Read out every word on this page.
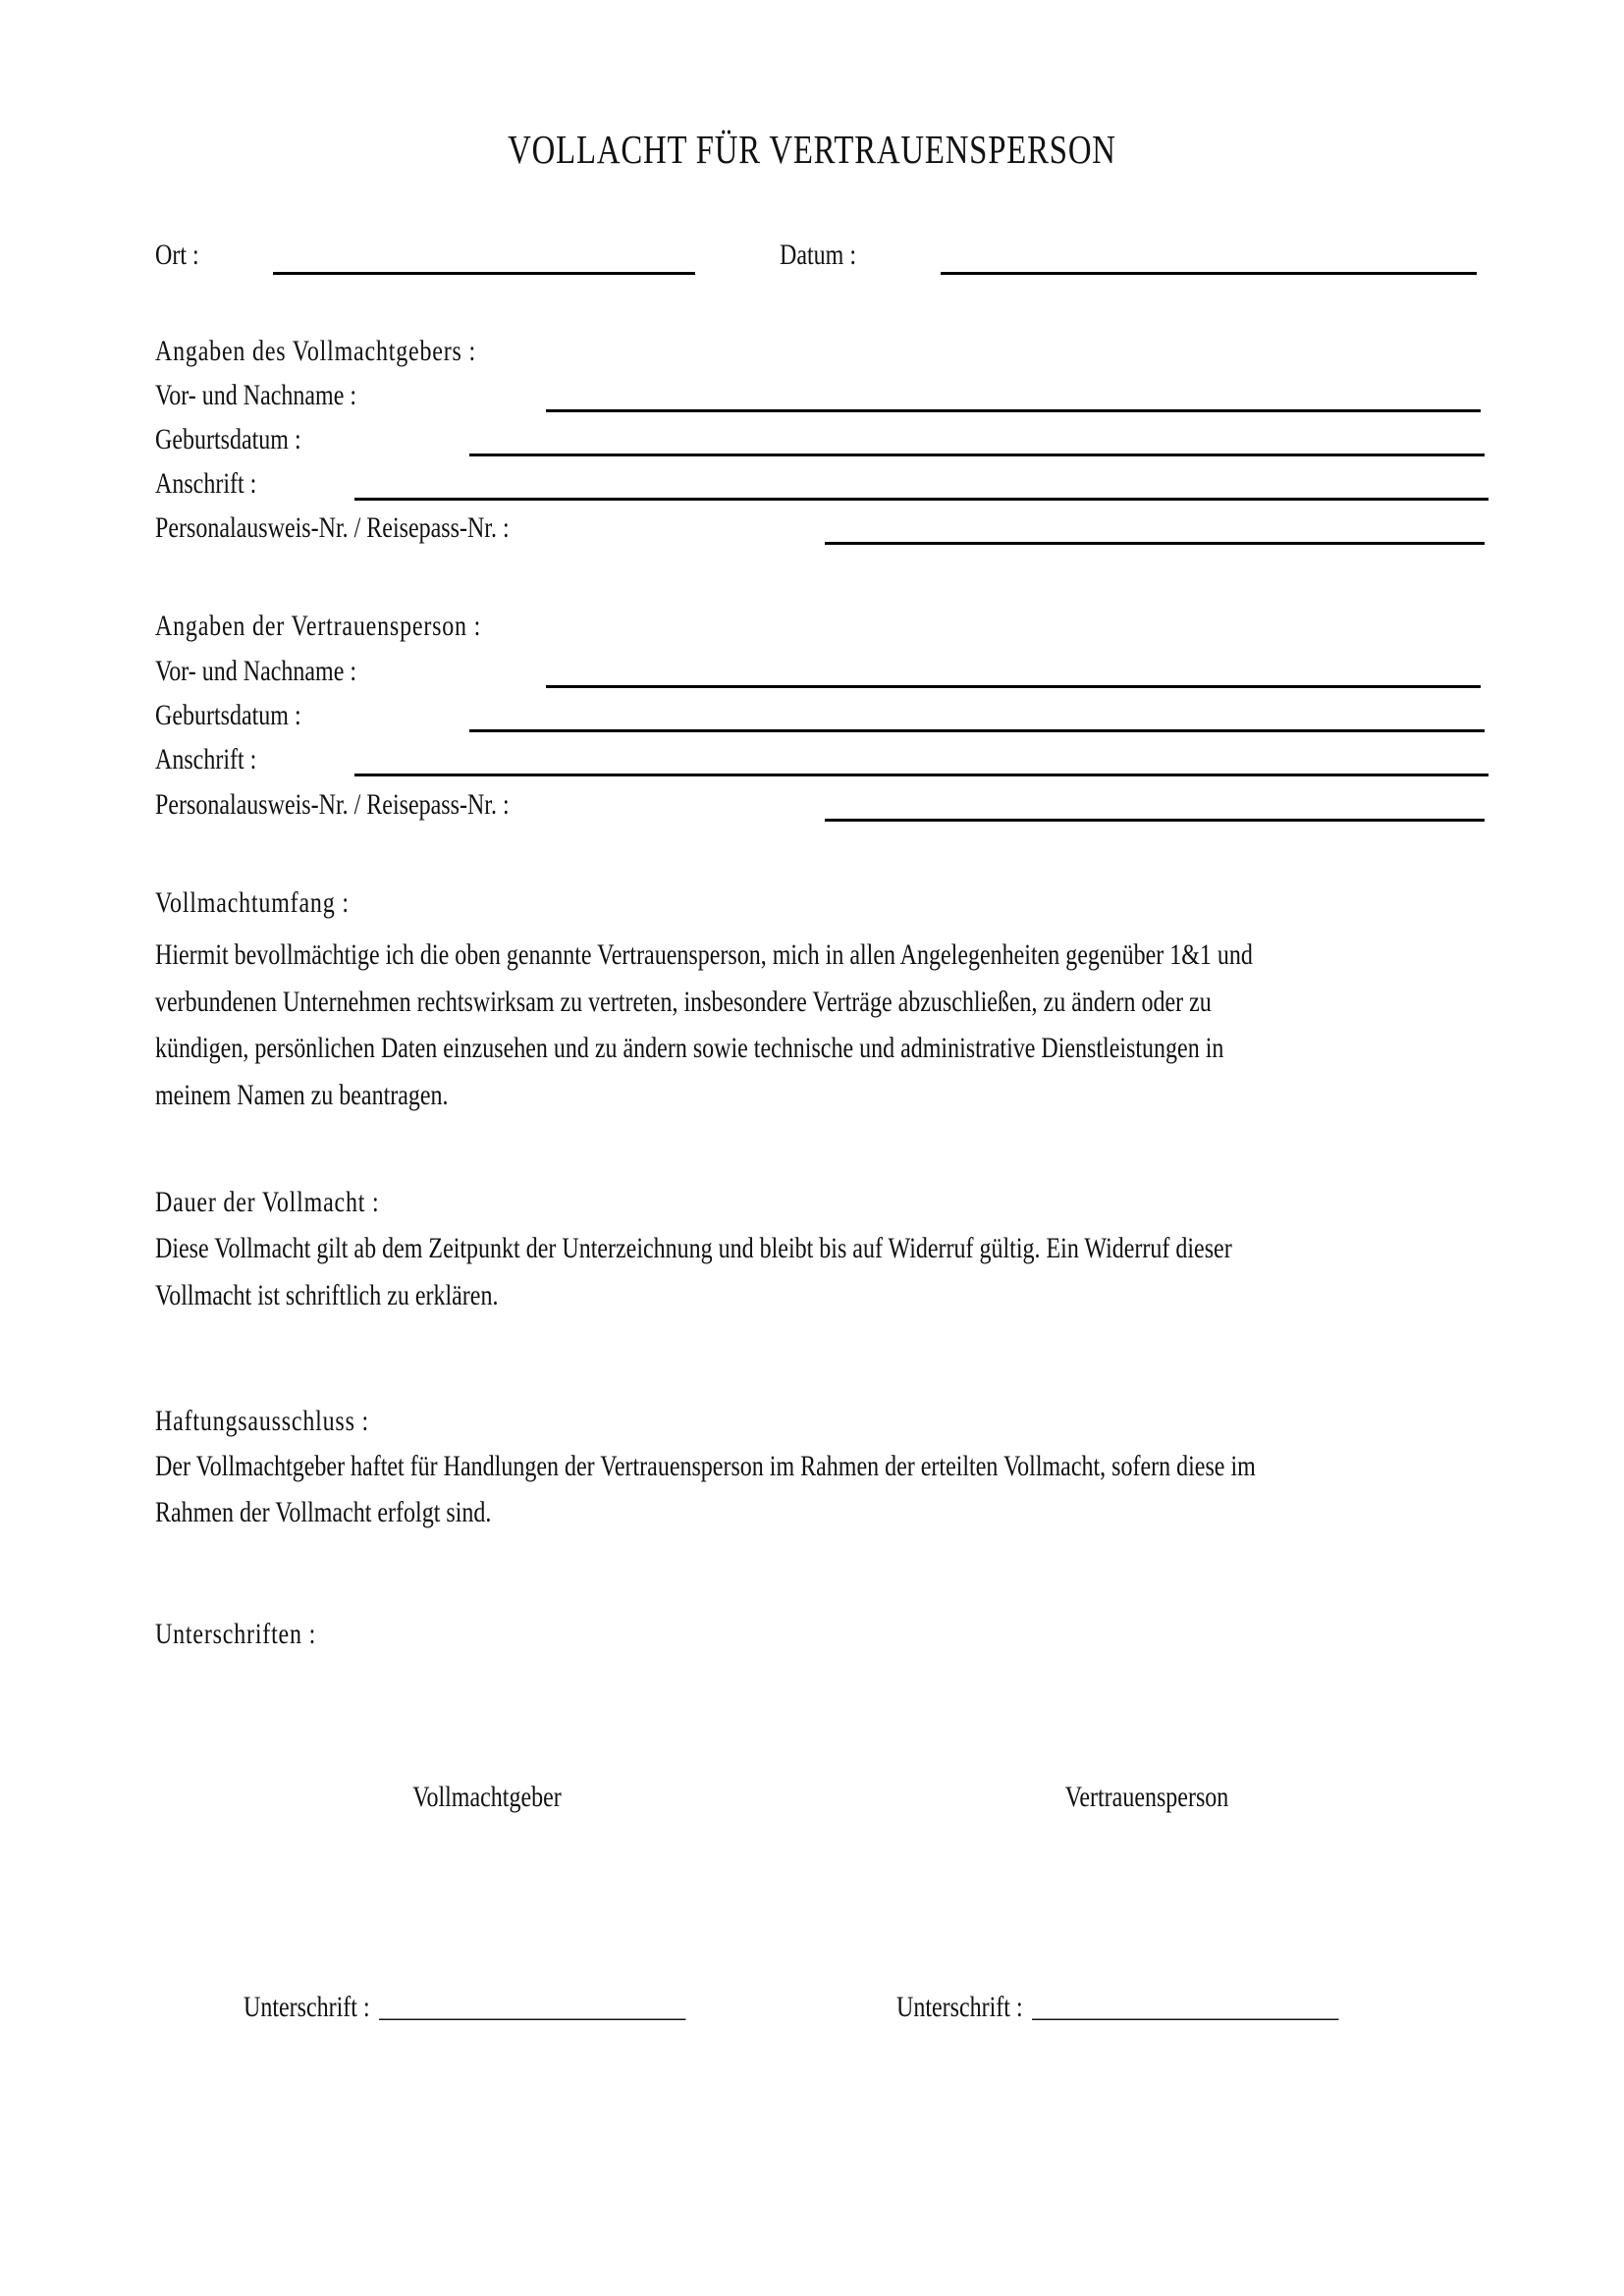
VOLLACHT FÜR VERTRAUENSPERSON
Ort :	Datum :
Angaben des Vollmachtgebers :
Vor- und Nachname :
Geburtsdatum :
Anschrift :
Personalausweis-Nr. / Reisepass-Nr. :
Angaben der Vertrauensperson :
Vor- und Nachname :
Geburtsdatum :
Anschrift :
Personalausweis-Nr. / Reisepass-Nr. :
Vollmachtumfang :
Hiermit bevollmächtige ich die oben genannte Vertrauensperson, mich in allen Angelegenheiten gegenüber 1&1 und
verbundenen Unternehmen rechtswirksam zu vertreten, insbesondere Verträge abzuschließen, zu ändern oder zu
kündigen, persönlichen Daten einzusehen und zu ändern sowie technische und administrative Dienstleistungen in
meinem Namen zu beantragen.
Dauer der Vollmacht :
Diese Vollmacht gilt ab dem Zeitpunkt der Unterzeichnung und bleibt bis auf Widerruf gültig. Ein Widerruf dieser
Vollmacht ist schriftlich zu erklären.
Haftungsausschluss :
Der Vollmachtgeber haftet für Handlungen der Vertrauensperson im Rahmen der erteilten Vollmacht, sofern diese im
Rahmen der Vollmacht erfolgt sind.
Unterschriften :
Vollmachtgeber	Vertrauensperson
Unterschrift : __________________________	Unterschrift : __________________________
